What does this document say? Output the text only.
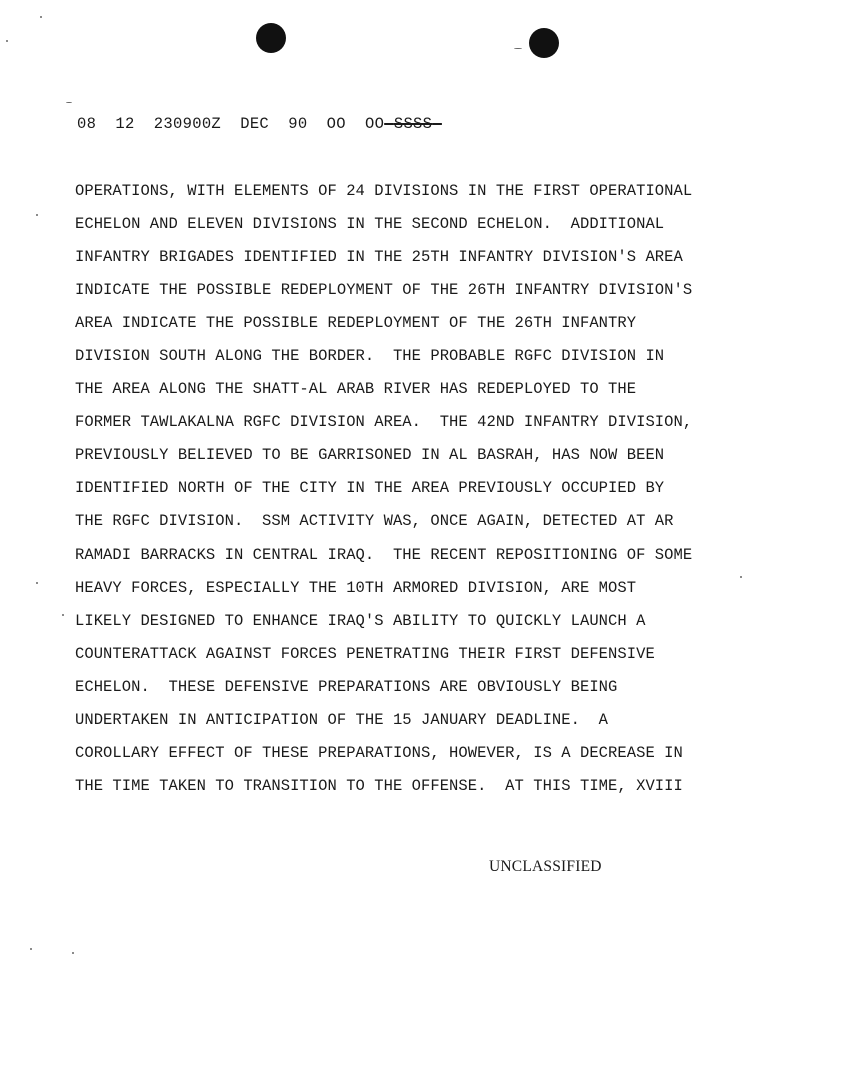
08  12  230900Z  DEC  90  OO  OO—SSSS—
OPERATIONS, WITH ELEMENTS OF 24 DIVISIONS IN THE FIRST OPERATIONAL
ECHELON AND ELEVEN DIVISIONS IN THE SECOND ECHELON.  ADDITIONAL
INFANTRY BRIGADES IDENTIFIED IN THE 25TH INFANTRY DIVISION'S AREA
INDICATE THE POSSIBLE REDEPLOYMENT OF THE 26TH INFANTRY DIVISION'S
AREA INDICATE THE POSSIBLE REDEPLOYMENT OF THE 26TH INFANTRY
DIVISION SOUTH ALONG THE BORDER.  THE PROBABLE RGFC DIVISION IN
THE AREA ALONG THE SHATT-AL ARAB RIVER HAS REDEPLOYED TO THE
FORMER TAWLAKALNA RGFC DIVISION AREA.  THE 42ND INFANTRY DIVISION,
PREVIOUSLY BELIEVED TO BE GARRISONED IN AL BASRAH, HAS NOW BEEN
IDENTIFIED NORTH OF THE CITY IN THE AREA PREVIOUSLY OCCUPIED BY
THE RGFC DIVISION.  SSM ACTIVITY WAS, ONCE AGAIN, DETECTED AT AR
RAMADI BARRACKS IN CENTRAL IRAQ.  THE RECENT REPOSITIONING OF SOME
HEAVY FORCES, ESPECIALLY THE 10TH ARMORED DIVISION, ARE MOST
LIKELY DESIGNED TO ENHANCE IRAQ'S ABILITY TO QUICKLY LAUNCH A
COUNTERATTACK AGAINST FORCES PENETRATING THEIR FIRST DEFENSIVE
ECHELON.  THESE DEFENSIVE PREPARATIONS ARE OBVIOUSLY BEING
UNDERTAKEN IN ANTICIPATION OF THE 15 JANUARY DEADLINE.  A
COROLLARY EFFECT OF THESE PREPARATIONS, HOWEVER, IS A DECREASE IN
THE TIME TAKEN TO TRANSITION TO THE OFFENSE.  AT THIS TIME, XVIII
UNCLASSIFIED
